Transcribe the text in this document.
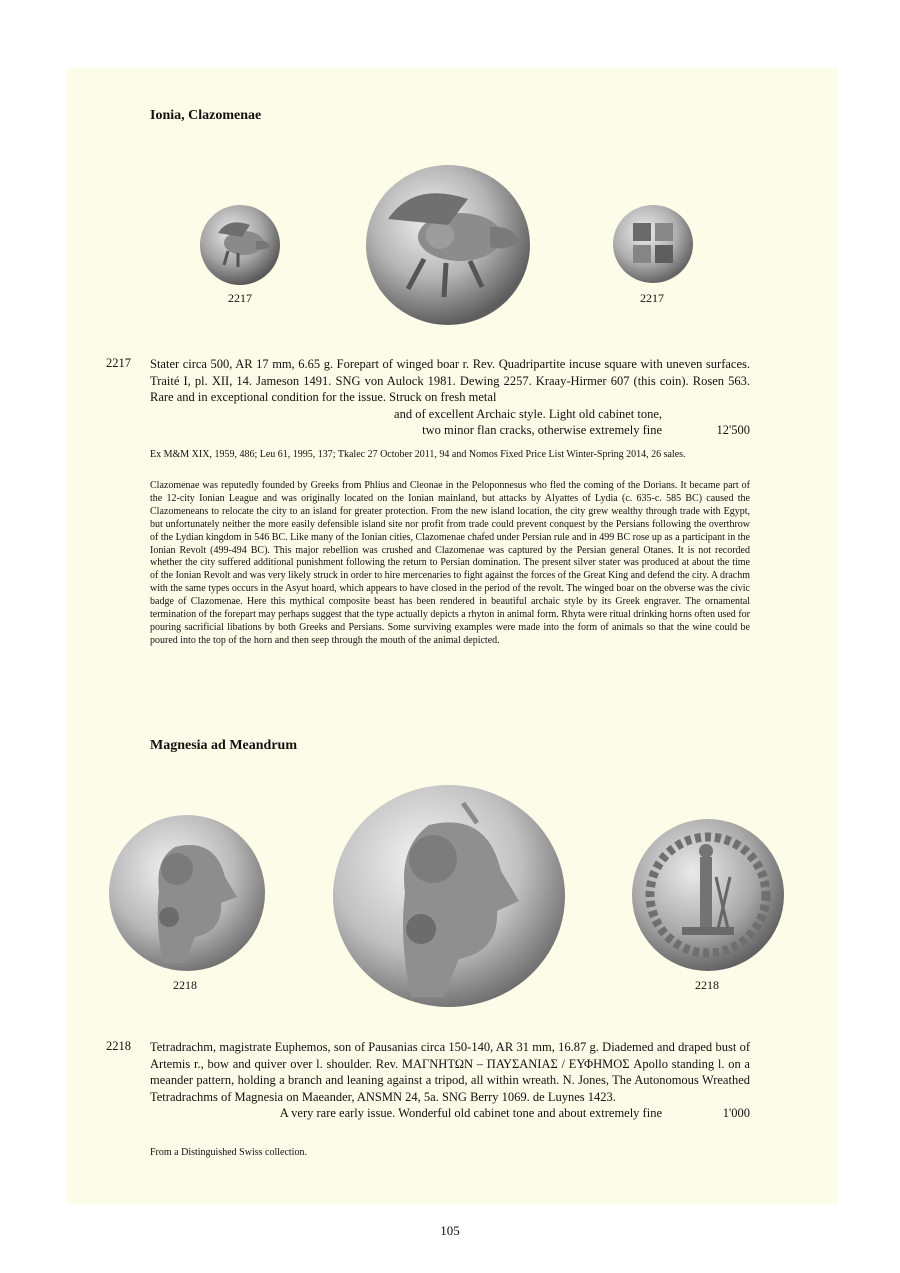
Ionia, Clazomenae
2217	2217
2217 Stater circa 500, AR 17 mm, 6.65 g. Forepart of winged boar r. Rev. Quadripartite incuse square with uneven surfaces. Traité I, pl. XII, 14. Jameson 1491. SNG von Aulock 1981. Dewing 2257. Kraay-Hirmer 607 (this coin). Rosen 563. Rare and in exceptional condition for the issue. Struck on fresh metal
and of excellent Archaic style. Light old cabinet tone,
two minor flan cracks, otherwise extremely fine	12'500
Ex M&M XIX, 1959, 486; Leu 61, 1995, 137; Tkalec 27 October 2011, 94 and Nomos Fixed Price List Winter-Spring 2014, 26 sales.
Clazomenae was reputedly founded by Greeks from Phlius and Cleonae in the Peloponnesus who fled the coming of the Dorians. It became part of the 12-city Ionian League and was originally located on the Ionian mainland, but attacks by Alyattes of Lydia (c. 635-c. 585 BC) caused the Clazomeneans to relocate the city to an island for greater protection. From the new island location, the city grew wealthy through trade with Egypt, but unfortunately neither the more easily defensible island site nor profit from trade could prevent conquest by the Persians following the overthrow of the Lydian kingdom in 546 BC. Like many of the Ionian cities, Clazomenae chafed under Persian rule and in 499 BC rose up as a participant in the Ionian Revolt (499-494 BC). This major rebellion was crushed and Clazomenae was captured by the Persian general Otanes. It is not recorded whether the city suffered additional punishment following the return to Persian domination. The present silver stater was produced at about the time of the Ionian Revolt and was very likely struck in order to hire mercenaries to fight against the forces of the Great King and defend the city. A drachm with the same types occurs in the Asyut hoard, which appears to have closed in the period of the revolt. The winged boar on the obverse was the civic badge of Clazomenae. Here this mythical composite beast has been rendered in beautiful archaic style by its Greek engraver. The ornamental termination of the forepart may perhaps suggest that the type actually depicts a rhyton in animal form. Rhyta were ritual drinking horns often used for pouring sacrificial libations by both Greeks and Persians. Some surviving examples were made into the form of animals so that the wine could be poured into the top of the horn and then seep through the mouth of the animal depicted.
Magnesia ad Meandrum
2218	2218
2218 Tetradrachm, magistrate Euphemos, son of Pausanias circa 150-140, AR 31 mm, 16.87 g. Diademed and draped bust of Artemis r., bow and quiver over l. shoulder. Rev. ΜΑΓΝΗΤΩΝ – ΠΑΥΣΑΝΙΑΣ / ΕΥΦΗΜΟΣ Apollo standing l. on a meander pattern, holding a branch and leaning against a tripod, all within wreath. N. Jones, The Autonomous Wreathed Tetradrachms of Magnesia on Maeander, ANSMN 24, 5a. SNG Berry 1069. de Luynes 1423.
A very rare early issue. Wonderful old cabinet tone and about extremely fine	1'000
From a Distinguished Swiss collection.
105
